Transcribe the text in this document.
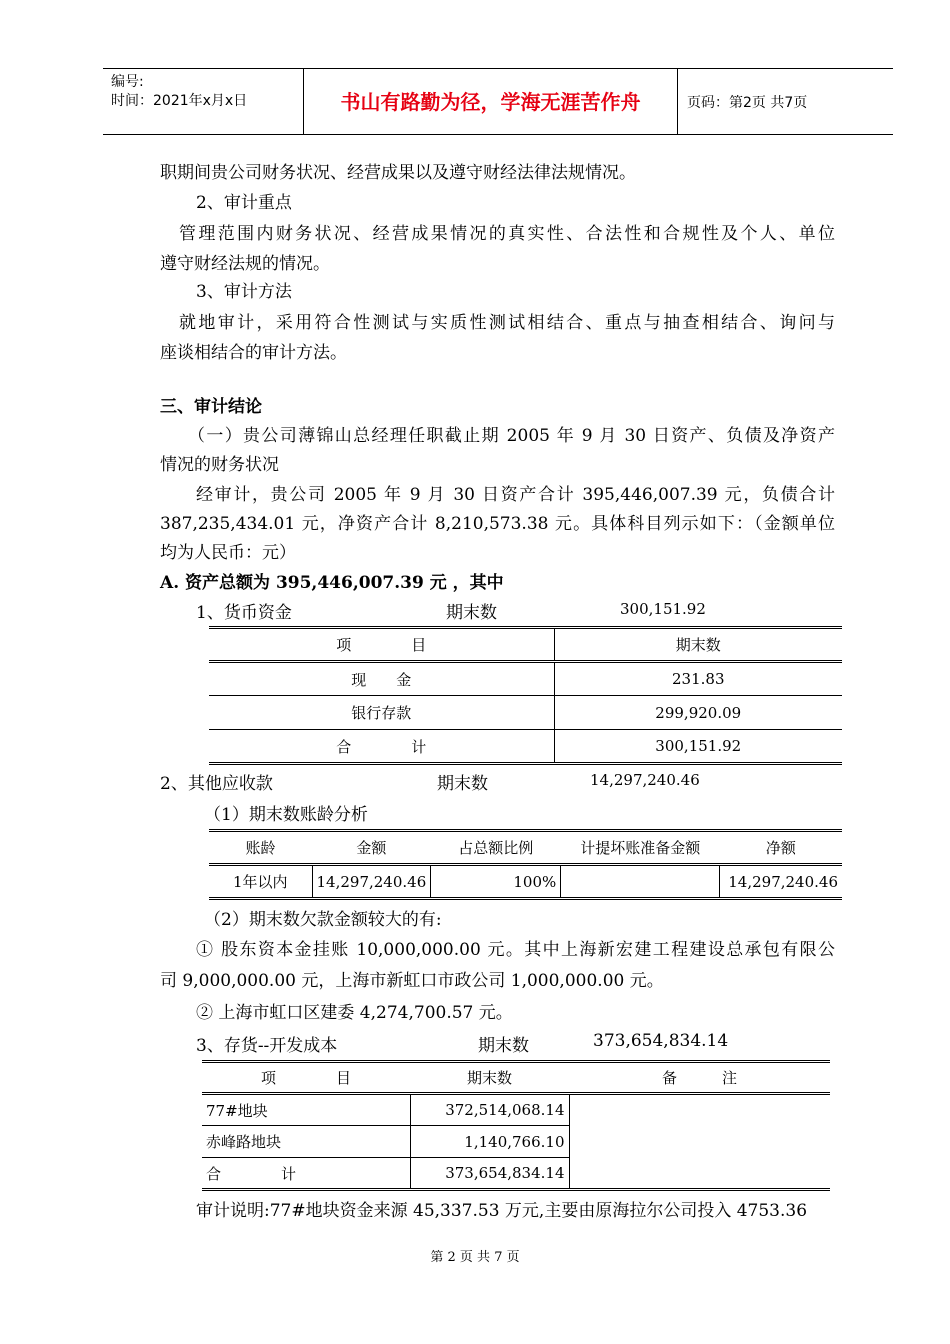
编号:
时间：2021年x月x日	书山有路勤为径，学海无涯苦作舟	页码：第2页 共7页
职期间贵公司财务状况、经营成果以及遵守财经法律法规情况。
2、审计重点
管理范围内财务状况、经营成果情况的真实性、合法性和合规性及个人、单位
遵守财经法规的情况。
3、审计方法
就地审计，采用符合性测试与实质性测试相结合、重点与抽查相结合、询问与
座谈相结合的审计方法。
三、审计结论
（一）贵公司薄锦山总经理任职截止期 2005 年 9 月 30 日资产、负债及净资产
情况的财务状况
经审计，贵公司 2005 年 9 月 30 日资产合计 395,446,007.39 元，负债合计
387,235,434.01 元，净资产合计 8,210,573.38 元。具体科目列示如下：（金额单位
均为人民币：元）
A. 资产总额为 395,446,007.39 元 ，其中
1、货币资金	期末数	300,151.92
项　　　　目	期末数
现　　金	231.83
银行存款	299,920.09
合　　　　计	300,151.92
2、其他应收款	期末数	14,297,240.46
（1）期末数账龄分析
账龄	金额	占总额比例	计提坏账准备金额	净额
1年以内	14,297,240.46	100%		14,297,240.46
（2）期末数欠款金额较大的有:
① 股东资本金挂账 10,000,000.00 元。其中上海新宏建工程建设总承包有限公
司 9,000,000.00 元，上海市新虹口市政公司 1,000,000.00 元。
② 上海市虹口区建委 4,274,700.57 元。
3、存货--开发成本	期末数	373,654,834.14
项　　　　目	期末数	备　　　注
77#地块	372,514,068.14	
赤峰路地块	1,140,766.10	
合　　　　计	373,654,834.14	
审计说明:77#地块资金来源 45,337.53 万元,主要由原海拉尔公司投入 4753.36
第 2 页 共 7 页
